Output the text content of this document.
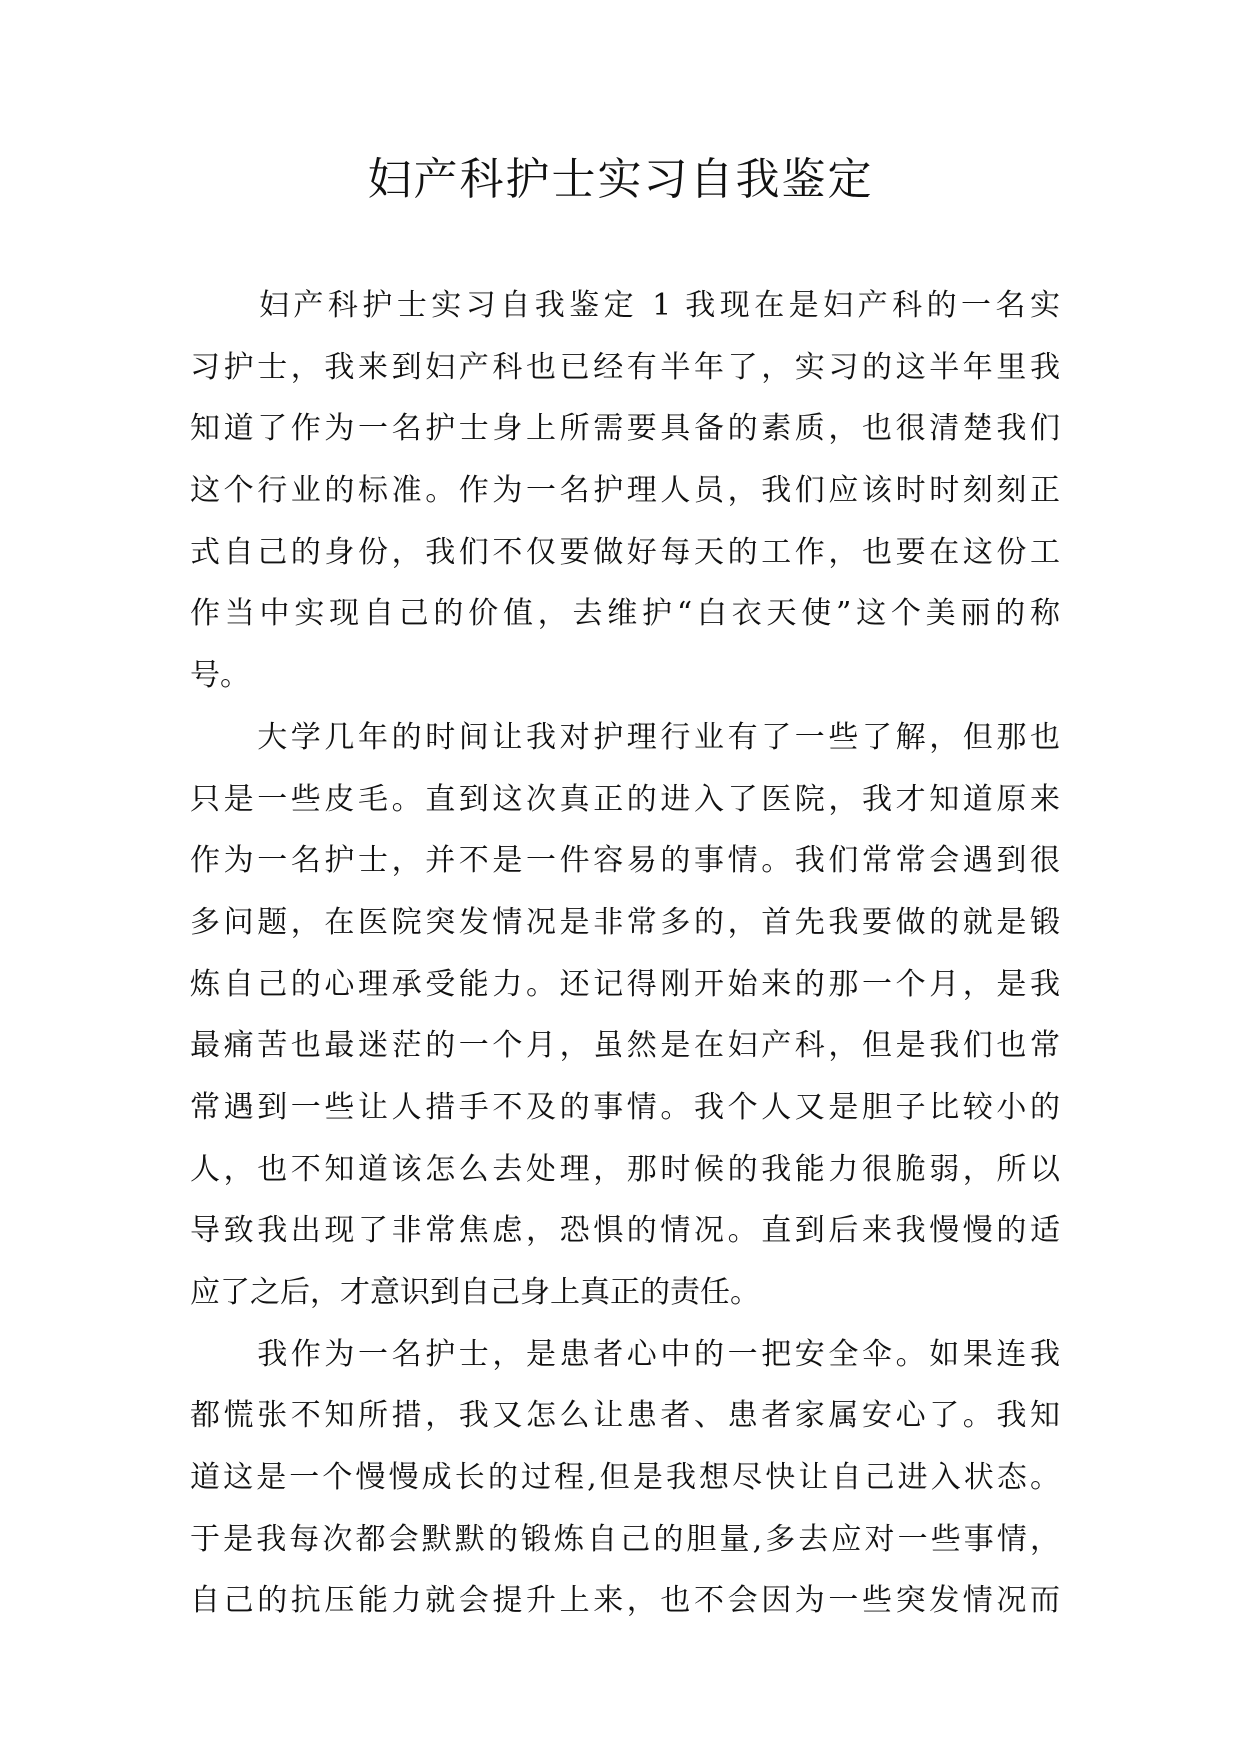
妇产科护士实习自我鉴定
　　妇产科护士实习自我鉴定 1 我现在是妇产科的一名实
习护士，我来到妇产科也已经有半年了，实习的这半年里我
知道了作为一名护士身上所需要具备的素质，也很清楚我们
这个行业的标准。作为一名护理人员，我们应该时时刻刻正
式自己的身份，我们不仅要做好每天的工作，也要在这份工
作当中实现自己的价值，去维护“白衣天使”这个美丽的称
号。
　　大学几年的时间让我对护理行业有了一些了解，但那也
只是一些皮毛。直到这次真正的进入了医院，我才知道原来
作为一名护士，并不是一件容易的事情。我们常常会遇到很
多问题，在医院突发情况是非常多的，首先我要做的就是锻
炼自己的心理承受能力。还记得刚开始来的那一个月，是我
最痛苦也最迷茫的一个月，虽然是在妇产科，但是我们也常
常遇到一些让人措手不及的事情。我个人又是胆子比较小的
人，也不知道该怎么去处理，那时候的我能力很脆弱，所以
导致我出现了非常焦虑，恐惧的情况。直到后来我慢慢的适
应了之后，才意识到自己身上真正的责任。
　　我作为一名护士，是患者心中的一把安全伞。如果连我
都慌张不知所措，我又怎么让患者、患者家属安心了。我知
道这是一个慢慢成长的过程,但是我想尽快让自己进入状态。
于是我每次都会默默的锻炼自己的胆量,多去应对一些事情，
自己的抗压能力就会提升上来，也不会因为一些突发情况而
